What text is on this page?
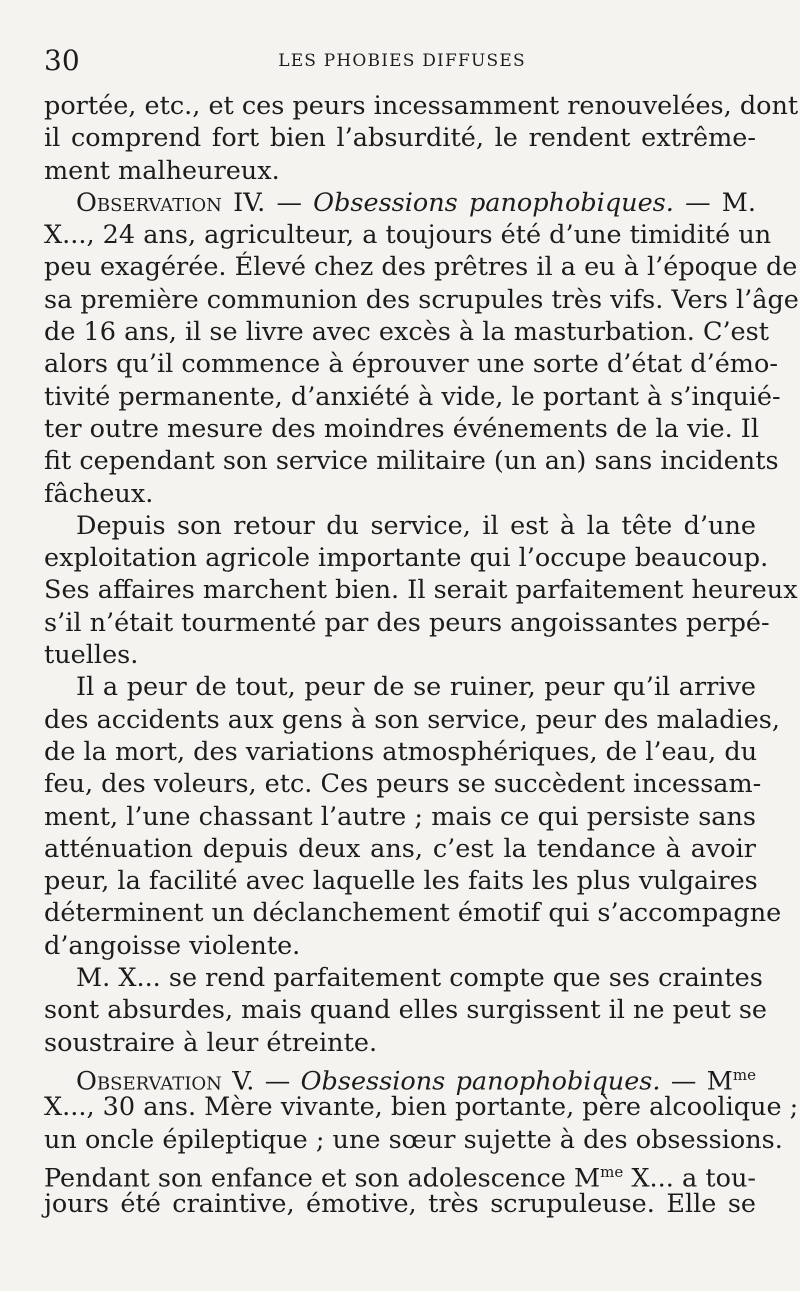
30	LES PHOBIES DIFFUSES
portée, etc., et ces peurs incessamment renouvelées, dont
il comprend fort bien l’absurdité, le rendent extrême-
ment malheureux.
Observation IV. — Obsessions panophobiques. — M.
X..., 24 ans, agriculteur, a toujours été d’une timidité un
peu exagérée. Élevé chez des prêtres il a eu à l’époque de
sa première communion des scrupules très vifs. Vers l’âge
de 16 ans, il se livre avec excès à la masturbation. C’est
alors qu’il commence à éprouver une sorte d’état d’émo-
tivité permanente, d’anxiété à vide, le portant à s’inquié-
ter outre mesure des moindres événements de la vie. Il
fit cependant son service militaire (un an) sans incidents
fâcheux.
Depuis son retour du service, il est à la tête d’une
exploitation agricole importante qui l’occupe beaucoup.
Ses affaires marchent bien. Il serait parfaitement heureux
s’il n’était tourmenté par des peurs angoissantes perpé-
tuelles.
Il a peur de tout, peur de se ruiner, peur qu’il arrive
des accidents aux gens à son service, peur des maladies,
de la mort, des variations atmosphériques, de l’eau, du
feu, des voleurs, etc. Ces peurs se succèdent incessam-
ment, l’une chassant l’autre ; mais ce qui persiste sans
atténuation depuis deux ans, c’est la tendance à avoir
peur, la facilité avec laquelle les faits les plus vulgaires
déterminent un déclanchement émotif qui s’accompagne
d’angoisse violente.
M. X... se rend parfaitement compte que ses craintes
sont absurdes, mais quand elles surgissent il ne peut se
soustraire à leur étreinte.
Observation V. — Obsessions panophobiques. — $M^{me}$
X..., 30 ans. Mère vivante, bien portante, père alcoolique ;
un oncle épileptique ; une sœur sujette à des obsessions.
Pendant son enfance et son adolescence $M^{me}$ X... a tou-
jours été craintive, émotive, très scrupuleuse. Elle se
